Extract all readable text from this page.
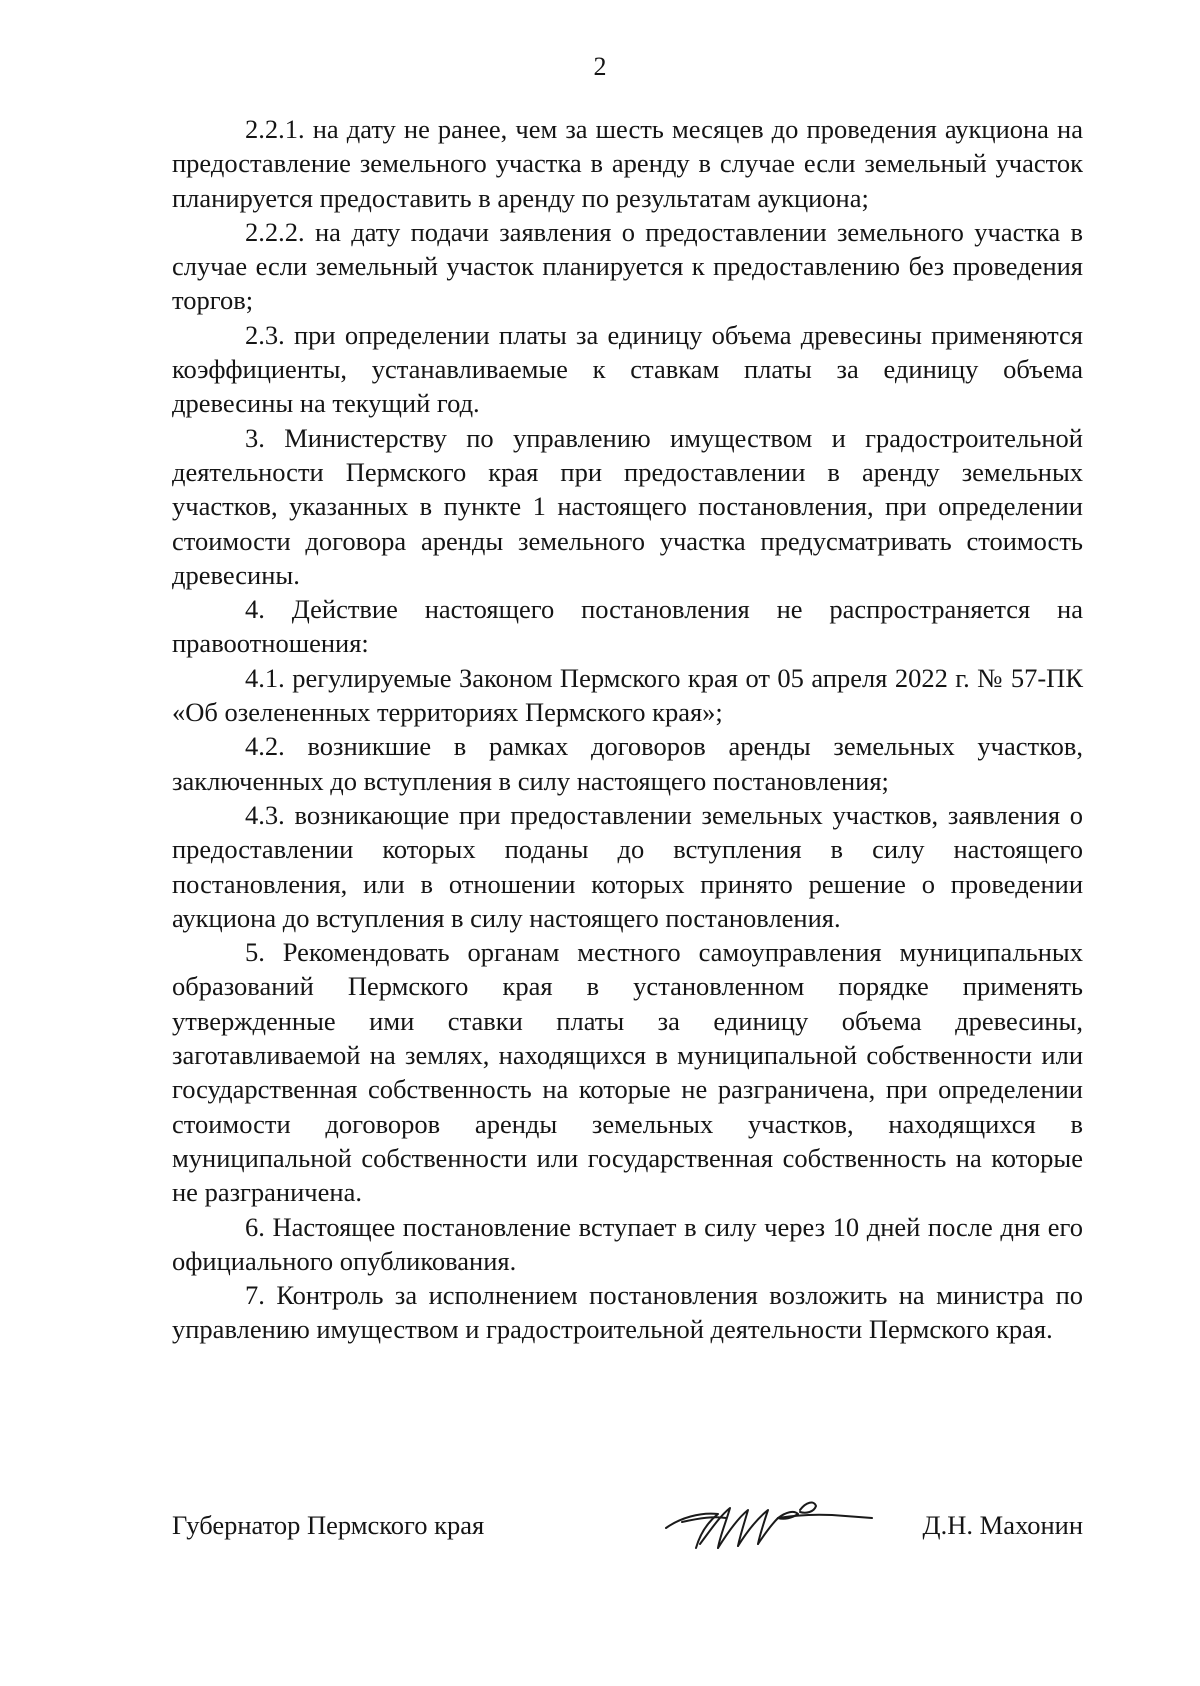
2

2.2.1. на дату не ранее, чем за шесть месяцев до проведения аукциона на предоставление земельного участка в аренду в случае если земельный участок планируется предоставить в аренду по результатам аукциона;

2.2.2. на дату подачи заявления о предоставлении земельного участка в случае если земельный участок планируется к предоставлению без проведения торгов;

2.3. при определении платы за единицу объема древесины применяются коэффициенты, устанавливаемые к ставкам платы за единицу объема древесины на текущий год.

3. Министерству по управлению имуществом и градостроительной деятельности Пермского края при предоставлении в аренду земельных участков, указанных в пункте 1 настоящего постановления, при определении стоимости договора аренды земельного участка предусматривать стоимость древесины.

4. Действие настоящего постановления не распространяется на правоотношения:

4.1. регулируемые Законом Пермского края от 05 апреля 2022 г. № 57-ПК «Об озелененных территориях Пермского края»;

4.2. возникшие в рамках договоров аренды земельных участков, заключенных до вступления в силу настоящего постановления;

4.3. возникающие при предоставлении земельных участков, заявления о предоставлении которых поданы до вступления в силу настоящего постановления, или в отношении которых принято решение о проведении аукциона до вступления в силу настоящего постановления.

5. Рекомендовать органам местного самоуправления муниципальных образований Пермского края в установленном порядке применять утвержденные ими ставки платы за единицу объема древесины, заготавливаемой на землях, находящихся в муниципальной собственности или государственная собственность на которые не разграничена, при определении стоимости договоров аренды земельных участков, находящихся в муниципальной собственности или государственная собственность на которые не разграничена.

6. Настоящее постановление вступает в силу через 10 дней после дня его официального опубликования.

7. Контроль за исполнением постановления возложить на министра по управлению имуществом и градостроительной деятельности Пермского края.

Губернатор Пермского края	Д.Н. Махонин
